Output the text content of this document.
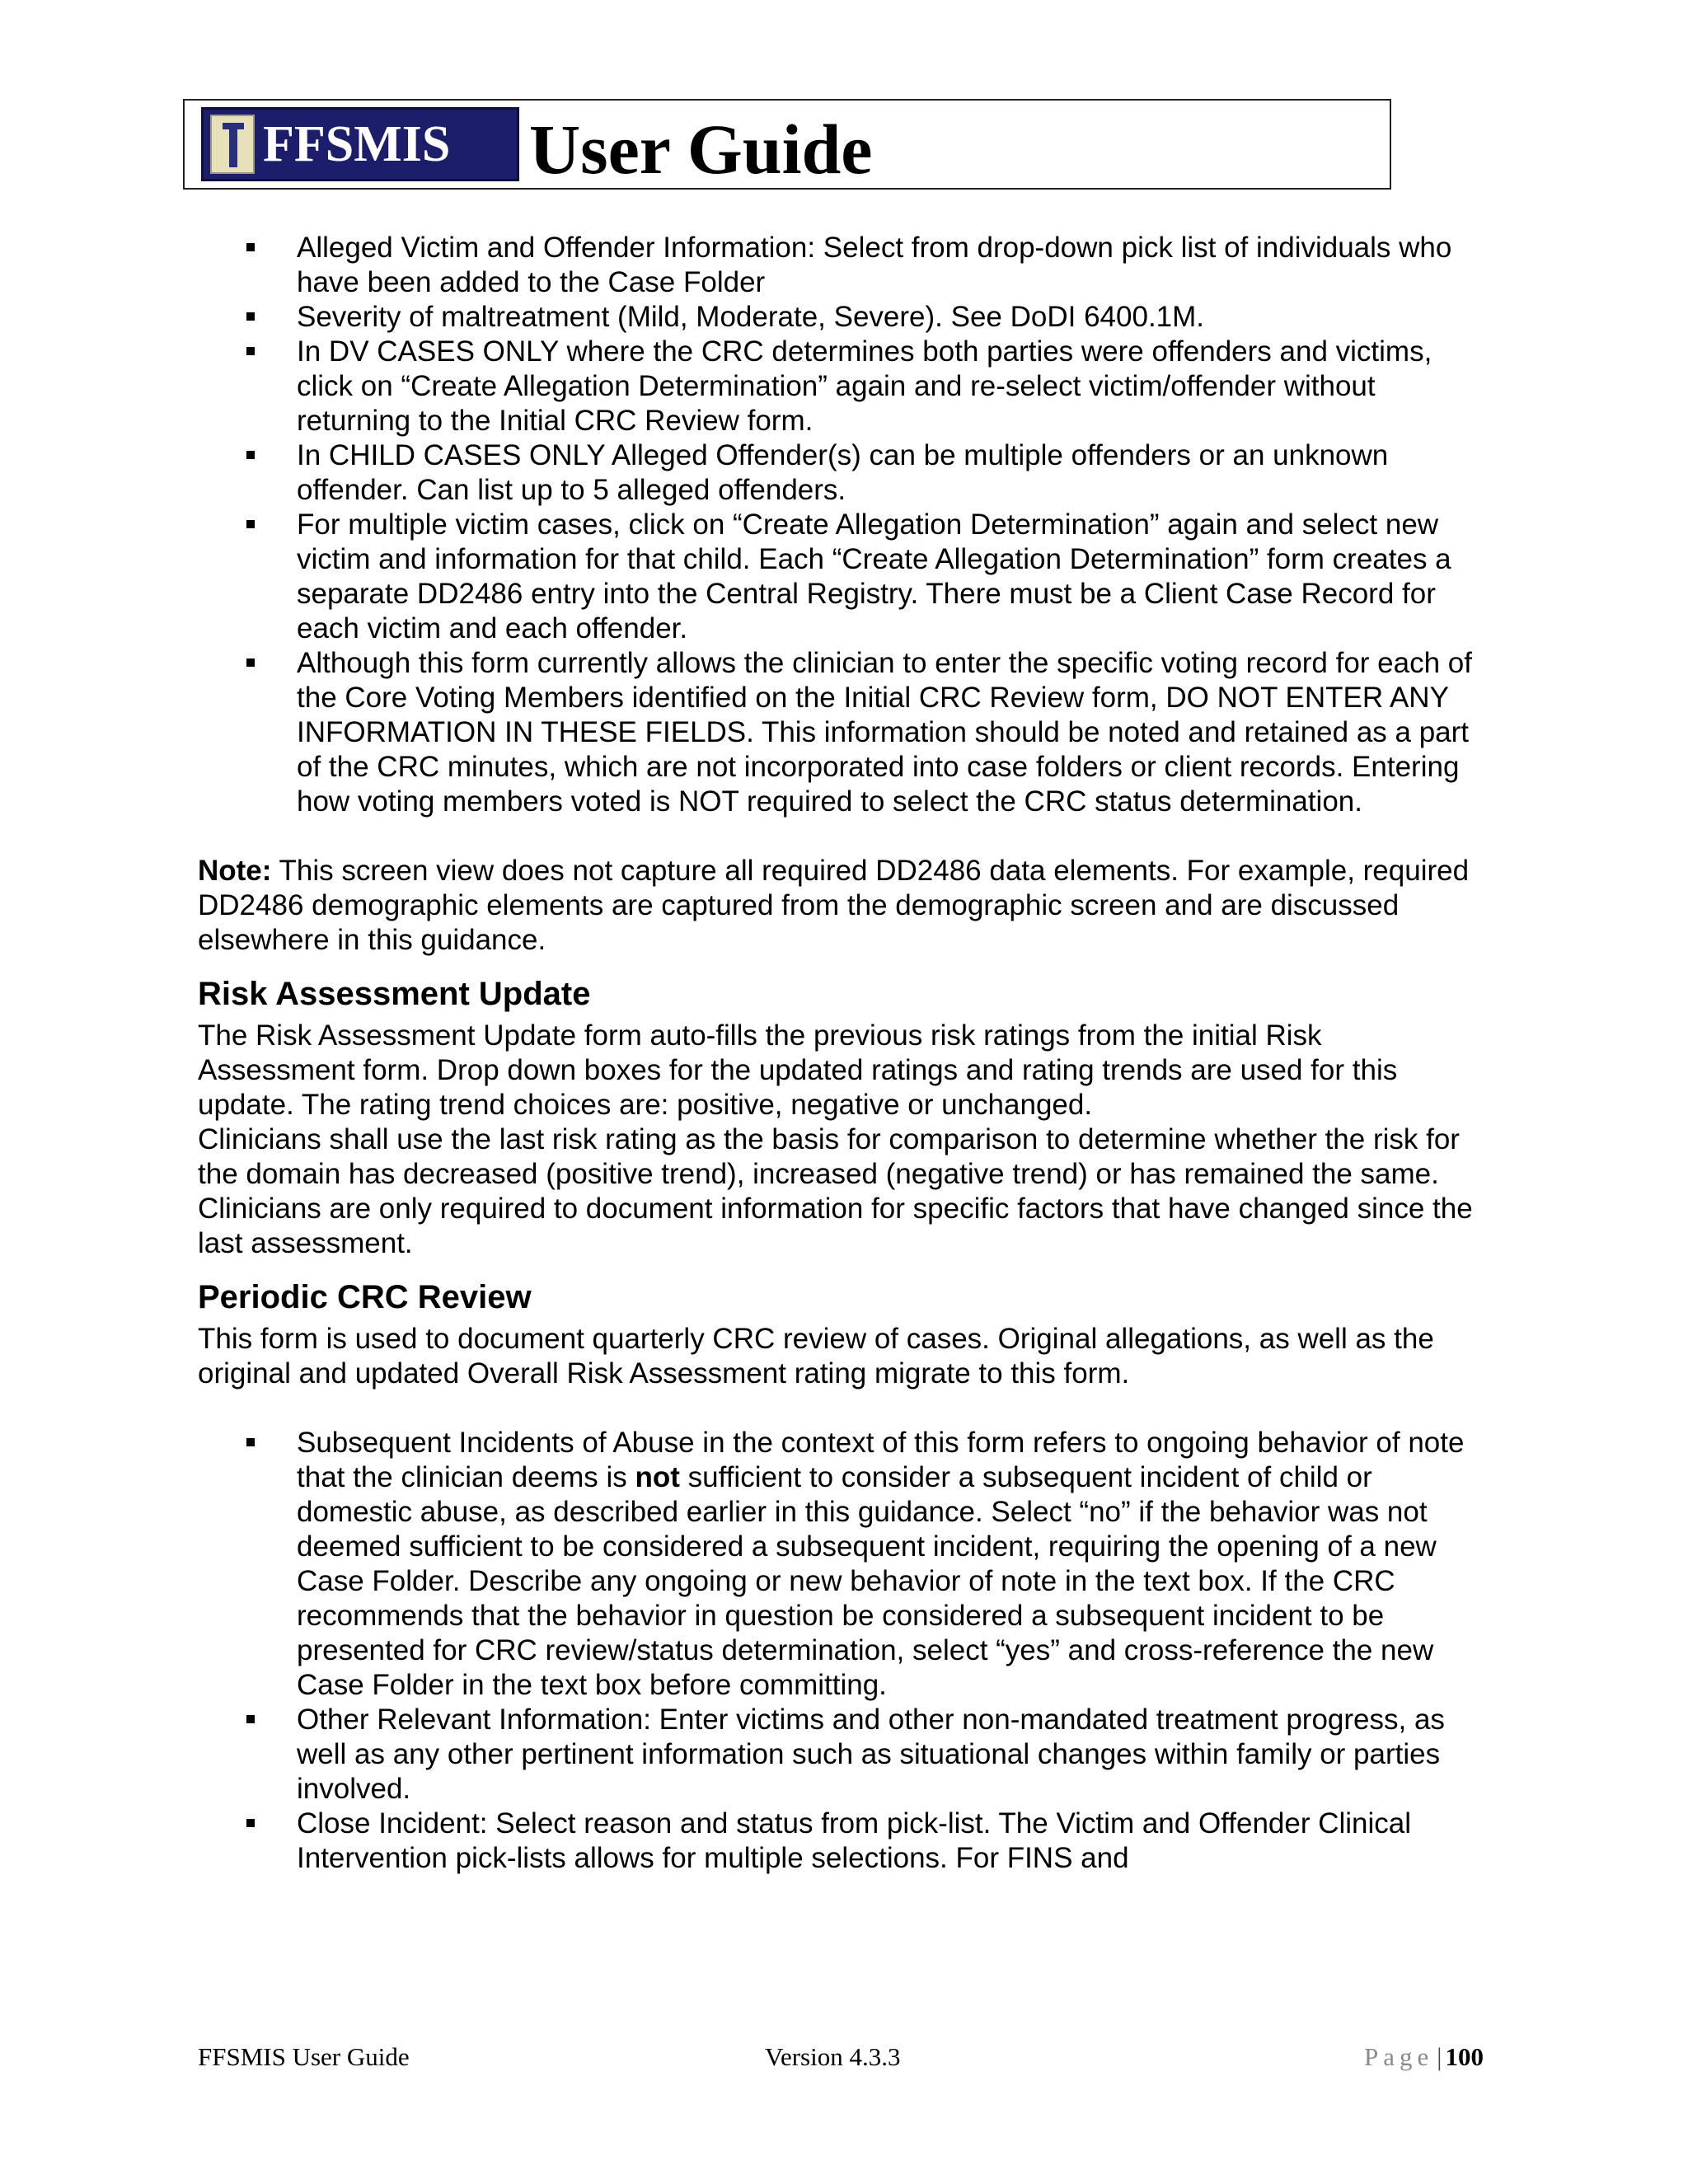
FFSMIS User Guide
Alleged Victim and Offender Information: Select from drop-down pick list of individuals who have been added to the Case Folder
Severity of maltreatment (Mild, Moderate, Severe). See DoDI 6400.1M.
In DV CASES ONLY where the CRC determines both parties were offenders and victims, click on “Create Allegation Determination” again and re-select victim/offender without returning to the Initial CRC Review form.
In CHILD CASES ONLY Alleged Offender(s) can be multiple offenders or an unknown offender. Can list up to 5 alleged offenders.
For multiple victim cases, click on “Create Allegation Determination” again and select new victim and information for that child. Each “Create Allegation Determination” form creates a separate DD2486 entry into the Central Registry. There must be a Client Case Record for each victim and each offender.
Although this form currently allows the clinician to enter the specific voting record for each of the Core Voting Members identified on the Initial CRC Review form, DO NOT ENTER ANY INFORMATION IN THESE FIELDS. This information should be noted and retained as a part of the CRC minutes, which are not incorporated into case folders or client records. Entering how voting members voted is NOT required to select the CRC status determination.

Note: This screen view does not capture all required DD2486 data elements. For example, required DD2486 demographic elements are captured from the demographic screen and are discussed elsewhere in this guidance.

Risk Assessment Update

The Risk Assessment Update form auto-fills the previous risk ratings from the initial Risk Assessment form. Drop down boxes for the updated ratings and rating trends are used for this update. The rating trend choices are: positive, negative or unchanged.

Clinicians shall use the last risk rating as the basis for comparison to determine whether the risk for the domain has decreased (positive trend), increased (negative trend) or has remained the same. Clinicians are only required to document information for specific factors that have changed since the last assessment.

Periodic CRC Review

This form is used to document quarterly CRC review of cases. Original allegations, as well as the original and updated Overall Risk Assessment rating migrate to this form.

Subsequent Incidents of Abuse in the context of this form refers to ongoing behavior of note that the clinician deems is not sufficient to consider a subsequent incident of child or domestic abuse, as described earlier in this guidance. Select “no” if the behavior was not deemed sufficient to be considered a subsequent incident, requiring the opening of a new Case Folder. Describe any ongoing or new behavior of note in the text box. If the CRC recommends that the behavior in question be considered a subsequent incident to be presented for CRC review/status determination, select “yes” and cross-reference the new Case Folder in the text box before committing.
Other Relevant Information: Enter victims and other non-mandated treatment progress, as well as any other pertinent information such as situational changes within family or parties involved.
Close Incident: Select reason and status from pick-list. The Victim and Offender Clinical Intervention pick-lists allows for multiple selections. For FINS and
FFSMIS User Guide	Version 4.3.3	Page | 100
